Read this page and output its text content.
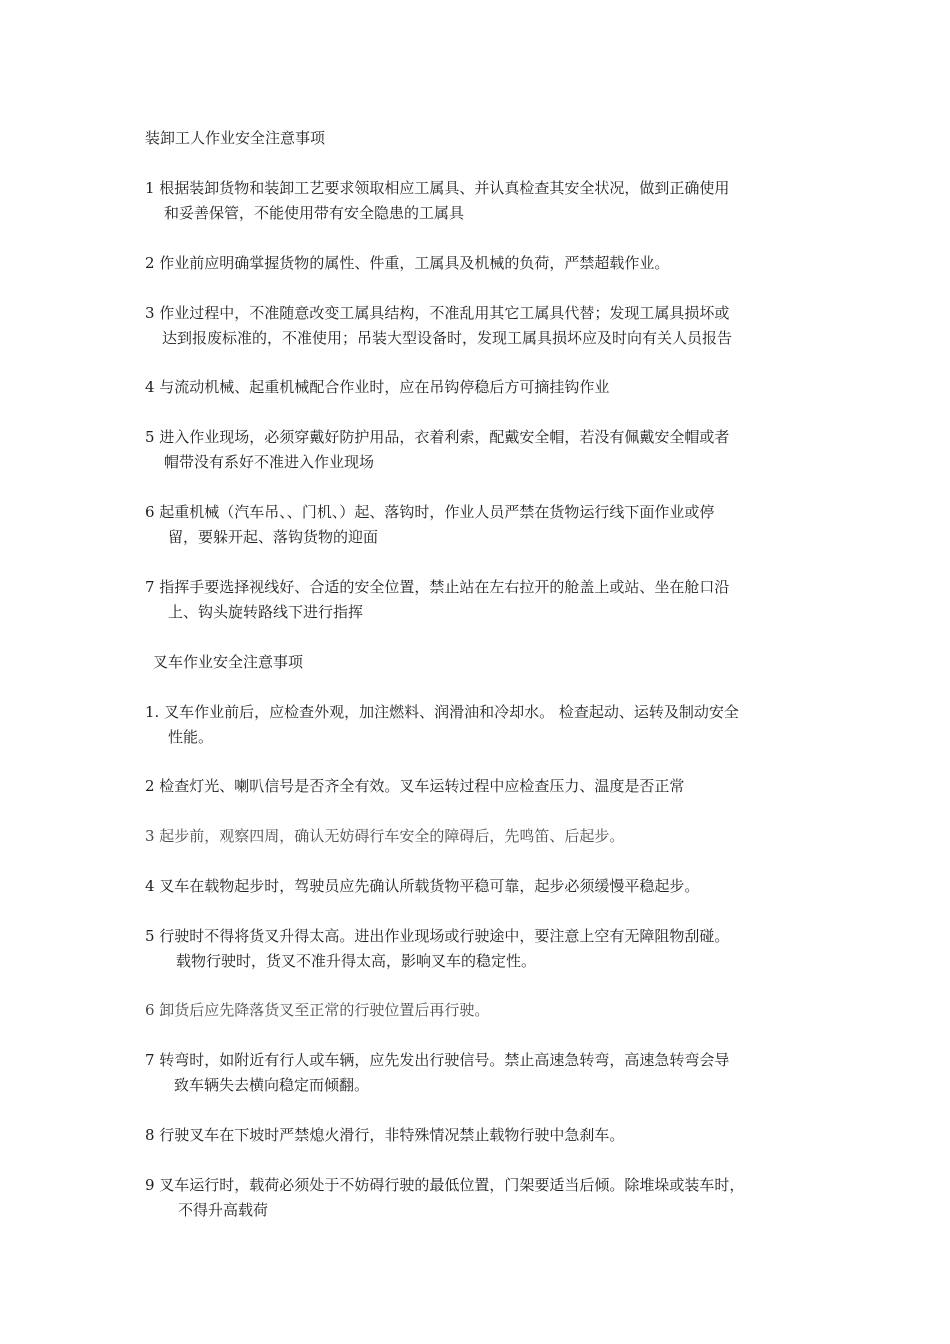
装卸工人作业安全注意事项
1 根据装卸货物和装卸工艺要求领取相应工属具、并认真检查其安全状况，做到正确使用
和妥善保管，不能使用带有安全隐患的工属具
2 作业前应明确掌握货物的属性、件重，工属具及机械的负荷，严禁超载作业。
3 作业过程中，不准随意改变工属具结构，不准乱用其它工属具代替；发现工属具损坏或
达到报废标准的，不准使用；吊装大型设备时，发现工属具损坏应及时向有关人员报告
4 与流动机械、起重机械配合作业时，应在吊钩停稳后方可摘挂钩作业
5 进入作业现场，必须穿戴好防护用品，衣着利索，配戴安全帽，若没有佩戴安全帽或者
帽带没有系好不准进入作业现场
6 起重机械（汽车吊、、门机、）起、落钩时，作业人员严禁在货物运行线下面作业或停
留，要躲开起、落钩货物的迎面
7 指挥手要选择视线好、合适的安全位置，禁止站在左右拉开的舱盖上或站、坐在舱口沿
上、钩头旋转路线下进行指挥
叉车作业安全注意事项
1. 叉车作业前后，应检查外观，加注燃料、润滑油和冷却水。 检查起动、运转及制动安全
性能。
2 检查灯光、喇叭信号是否齐全有效。叉车运转过程中应检查压力、温度是否正常
3 起步前，观察四周，确认无妨碍行车安全的障碍后，先鸣笛、后起步。
4 叉车在载物起步时，驾驶员应先确认所载货物平稳可靠，起步必须缓慢平稳起步。
5 行驶时不得将货叉升得太高。进出作业现场或行驶途中，要注意上空有无障阻物刮碰。
载物行驶时，货叉不准升得太高，影响叉车的稳定性。
6 卸货后应先降落货叉至正常的行驶位置后再行驶。
7 转弯时，如附近有行人或车辆，应先发出行驶信号。禁止高速急转弯，高速急转弯会导
致车辆失去横向稳定而倾翻。
8 行驶叉车在下坡时严禁熄火滑行，非特殊情况禁止载物行驶中急刹车。
9 叉车运行时，载荷必须处于不妨碍行驶的最低位置，门架要适当后倾。除堆垛或装车时，
不得升高载荷
